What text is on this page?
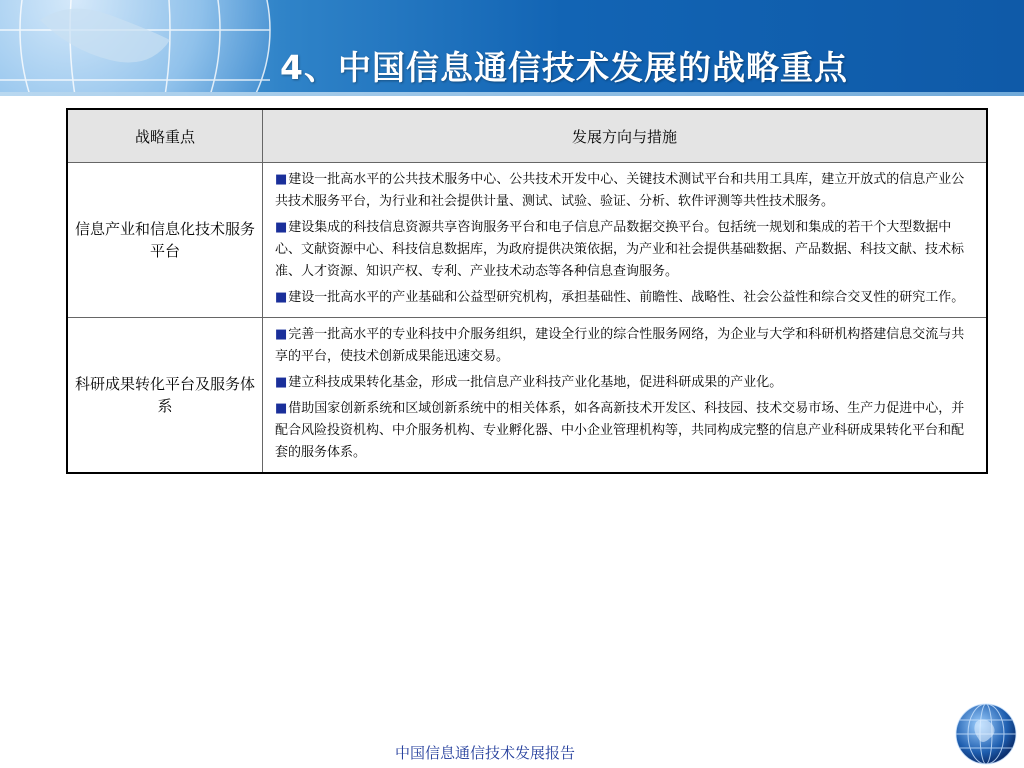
4、中国信息通信技术发展的战略重点
战略重点	发展方向与措施
信息产业和信息化技术服务平台	■建设一批高水平的公共技术服务中心、公共技术开发中心、关键技术测试平台和共用工具库，建立开放式的信息产业公共技术服务平台，为行业和社会提供计量、测试、试验、验证、分析、软件评测等共性技术服务。
■建设集成的科技信息资源共享咨询服务平台和电子信息产品数据交换平台。包括统一规划和集成的若干个大型数据中心、文献资源中心、科技信息数据库，为政府提供决策依据，为产业和社会提供基础数据、产品数据、科技文献、技术标准、人才资源、知识产权、专利、产业技术动态等各种信息查询服务。
■建设一批高水平的产业基础和公益型研究机构，承担基础性、前瞻性、战略性、社会公益性和综合交叉性的研究工作。

科研成果转化平台及服务体系	■完善一批高水平的专业科技中介服务组织，建设全行业的综合性服务网络，为企业与大学和科研机构搭建信息交流与共享的平台，使技术创新成果能迅速交易。
■建立科技成果转化基金，形成一批信息产业科技产业化基地，促进科研成果的产业化。
■借助国家创新系统和区域创新系统中的相关体系，如各高新技术开发区、科技园、技术交易市场、生产力促进中心，并配合风险投资机构、中介服务机构、专业孵化器、中小企业管理机构等，共同构成完整的信息产业科研成果转化平台和配套的服务体系。
中国信息通信技术发展报告
